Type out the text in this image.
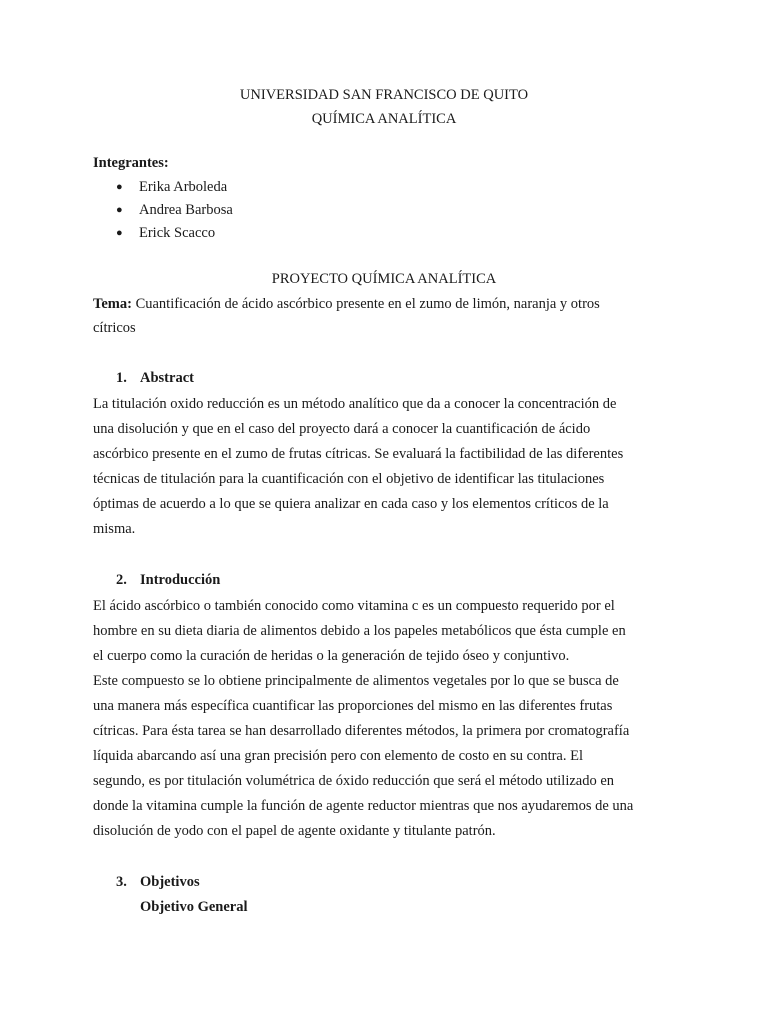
UNIVERSIDAD SAN FRANCISCO DE QUITO
QUÍMICA ANALÍTICA
Integrantes:
● Erika Arboleda
● Andrea Barbosa
● Erick Scacco
PROYECTO QUÍMICA ANALÍTICA
Tema: Cuantificación de ácido ascórbico presente en el zumo de limón, naranja y otros
cítricos
1. Abstract
La titulación oxido reducción es un método analítico que da a conocer la concentración de
una disolución y que en el caso del proyecto dará a conocer la cuantificación de ácido
ascórbico presente en el zumo de frutas cítricas. Se evaluará la factibilidad de las diferentes
técnicas de titulación para la cuantificación con el objetivo de identificar las titulaciones
óptimas de acuerdo a lo que se quiera analizar en cada caso y los elementos críticos de la
misma.
2. Introducción
El ácido ascórbico o también conocido como vitamina c es un compuesto requerido por el
hombre en su dieta diaria de alimentos debido a los papeles metabólicos que ésta cumple en
el cuerpo como la curación de heridas o la generación de tejido óseo y conjuntivo.
Este compuesto se lo obtiene principalmente de alimentos vegetales por lo que se busca de
una manera más específica cuantificar las proporciones del mismo en las diferentes frutas
cítricas. Para ésta tarea se han desarrollado diferentes métodos, la primera por cromatografía
líquida abarcando así una gran precisión pero con elemento de costo en su contra. El
segundo, es por titulación volumétrica de óxido reducción que será el método utilizado en
donde la vitamina cumple la función de agente reductor mientras que nos ayudaremos de una
disolución de yodo con el papel de agente oxidante y titulante patrón.
3. Objetivos
Objetivo General
